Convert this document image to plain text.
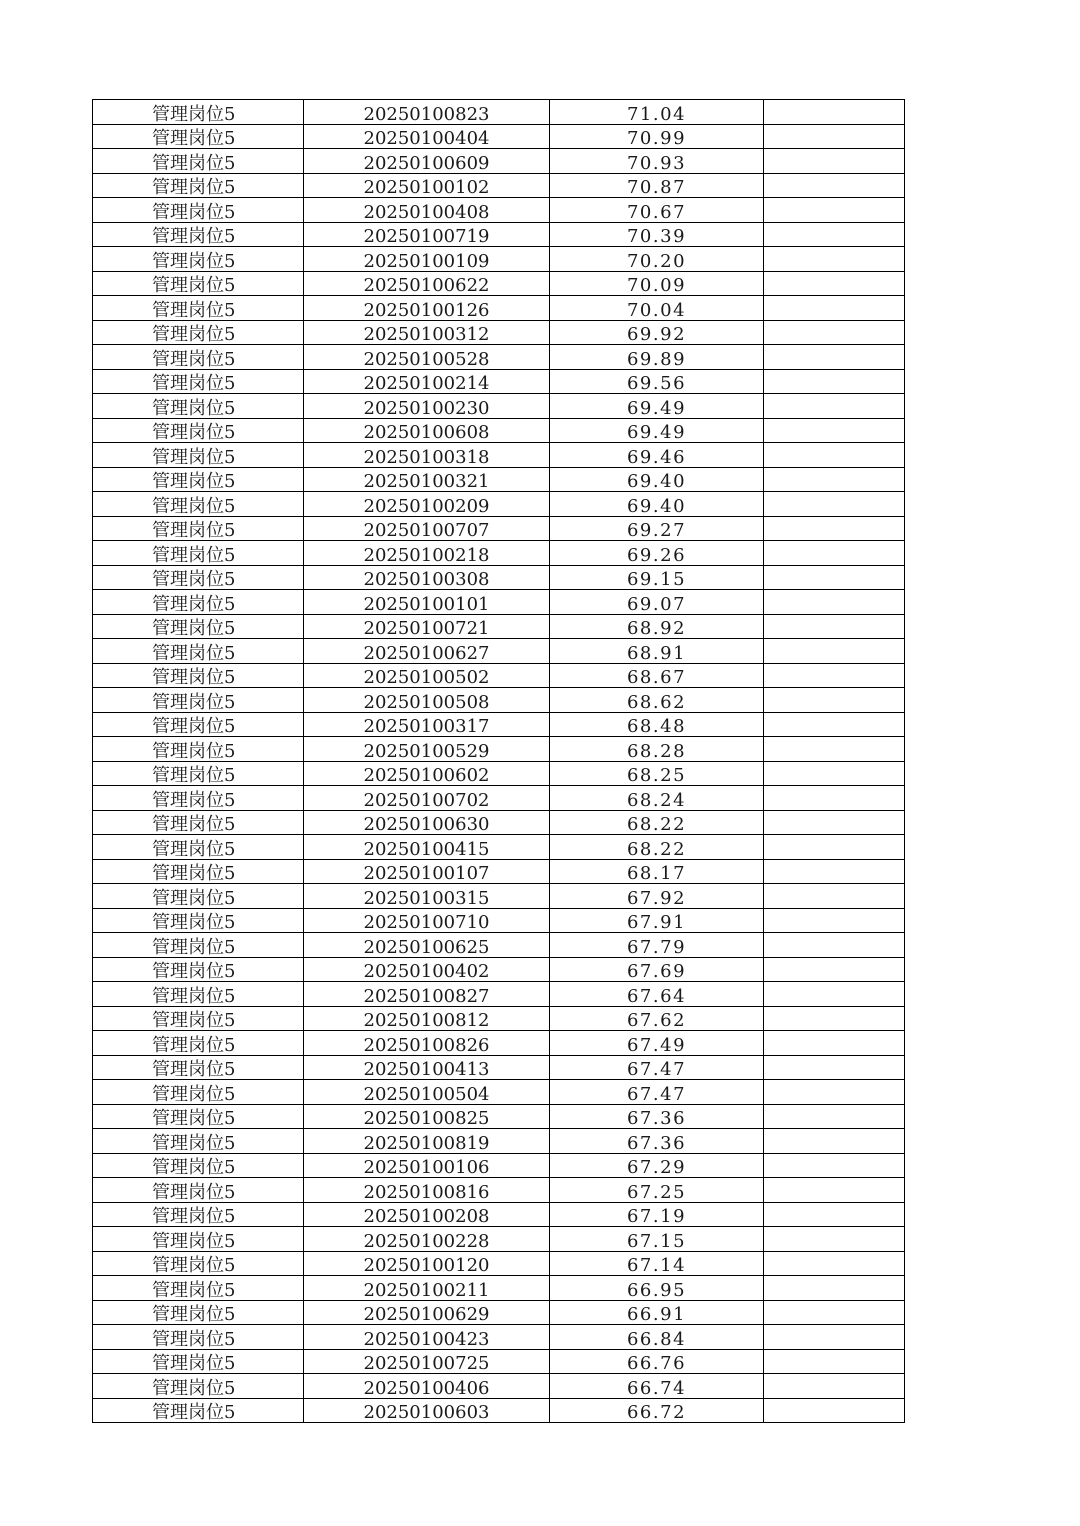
管理岗位5	20250100823	71.04	
管理岗位5	20250100404	70.99	
管理岗位5	20250100609	70.93	
管理岗位5	20250100102	70.87	
管理岗位5	20250100408	70.67	
管理岗位5	20250100719	70.39	
管理岗位5	20250100109	70.20	
管理岗位5	20250100622	70.09	
管理岗位5	20250100126	70.04	
管理岗位5	20250100312	69.92	
管理岗位5	20250100528	69.89	
管理岗位5	20250100214	69.56	
管理岗位5	20250100230	69.49	
管理岗位5	20250100608	69.49	
管理岗位5	20250100318	69.46	
管理岗位5	20250100321	69.40	
管理岗位5	20250100209	69.40	
管理岗位5	20250100707	69.27	
管理岗位5	20250100218	69.26	
管理岗位5	20250100308	69.15	
管理岗位5	20250100101	69.07	
管理岗位5	20250100721	68.92	
管理岗位5	20250100627	68.91	
管理岗位5	20250100502	68.67	
管理岗位5	20250100508	68.62	
管理岗位5	20250100317	68.48	
管理岗位5	20250100529	68.28	
管理岗位5	20250100602	68.25	
管理岗位5	20250100702	68.24	
管理岗位5	20250100630	68.22	
管理岗位5	20250100415	68.22	
管理岗位5	20250100107	68.17	
管理岗位5	20250100315	67.92	
管理岗位5	20250100710	67.91	
管理岗位5	20250100625	67.79	
管理岗位5	20250100402	67.69	
管理岗位5	20250100827	67.64	
管理岗位5	20250100812	67.62	
管理岗位5	20250100826	67.49	
管理岗位5	20250100413	67.47	
管理岗位5	20250100504	67.47	
管理岗位5	20250100825	67.36	
管理岗位5	20250100819	67.36	
管理岗位5	20250100106	67.29	
管理岗位5	20250100816	67.25	
管理岗位5	20250100208	67.19	
管理岗位5	20250100228	67.15	
管理岗位5	20250100120	67.14	
管理岗位5	20250100211	66.95	
管理岗位5	20250100629	66.91	
管理岗位5	20250100423	66.84	
管理岗位5	20250100725	66.76	
管理岗位5	20250100406	66.74	
管理岗位5	20250100603	66.72	
